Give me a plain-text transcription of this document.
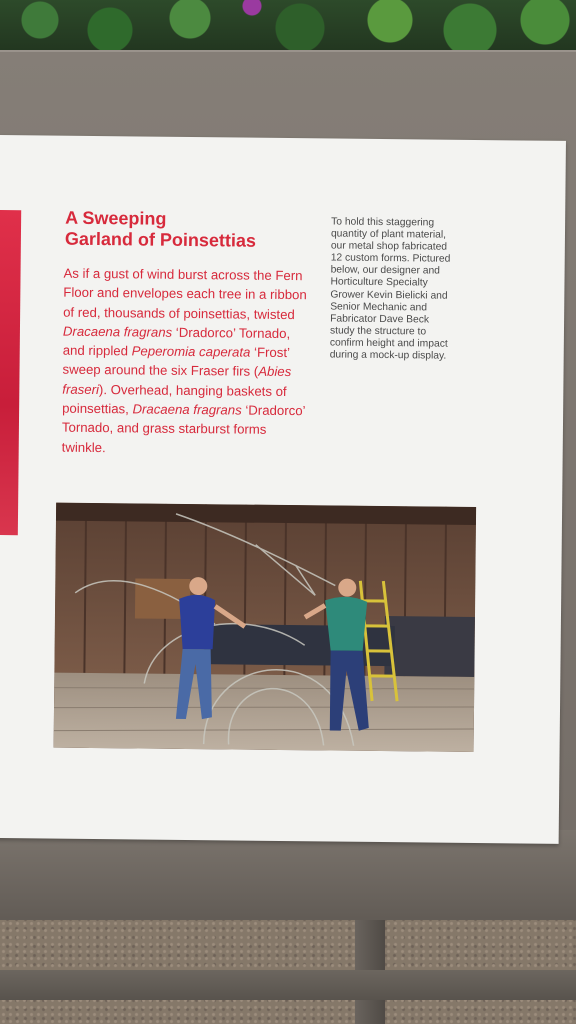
A Sweeping
Garland of Poinsettias

As if a gust of wind burst across the Fern Floor and envelopes each tree in a ribbon of red, thousands of poinsettias, twisted Dracaena fragrans ‘Dradorco’ Tornado, and rippled Peperomia caperata ‘Frost’ sweep around the six Fraser firs (Abies fraseri). Overhead, hanging baskets of poinsettias, Dracaena fragrans ‘Dradorco’ Tornado, and grass starburst forms twinkle.

To hold this staggering
quantity of plant material,
our metal shop fabricated
12 custom forms. Pictured
below, our designer and
Horticulture Specialty
Grower Kevin Bielicki and
Senior Mechanic and
Fabricator Dave Beck
study the structure to
confirm height and impact
during a mock-up display.
